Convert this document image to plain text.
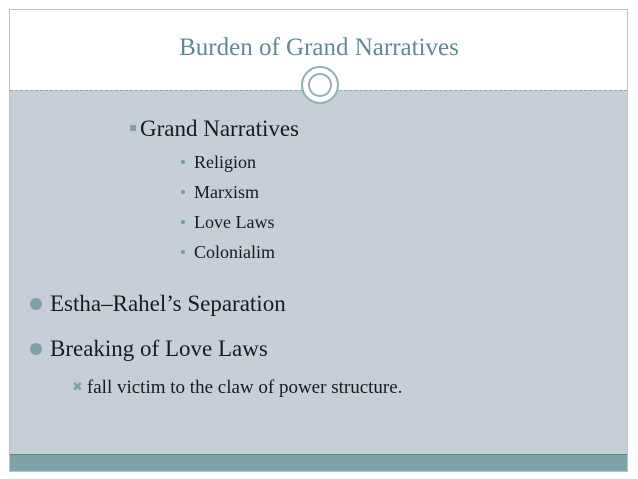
Burden of Grand Narratives
Grand Narratives
Religion
Marxism
Love Laws
Colonialim
Estha–Rahel’s Separation
Breaking of Love Laws
✖ fall victim to the claw of power structure.
